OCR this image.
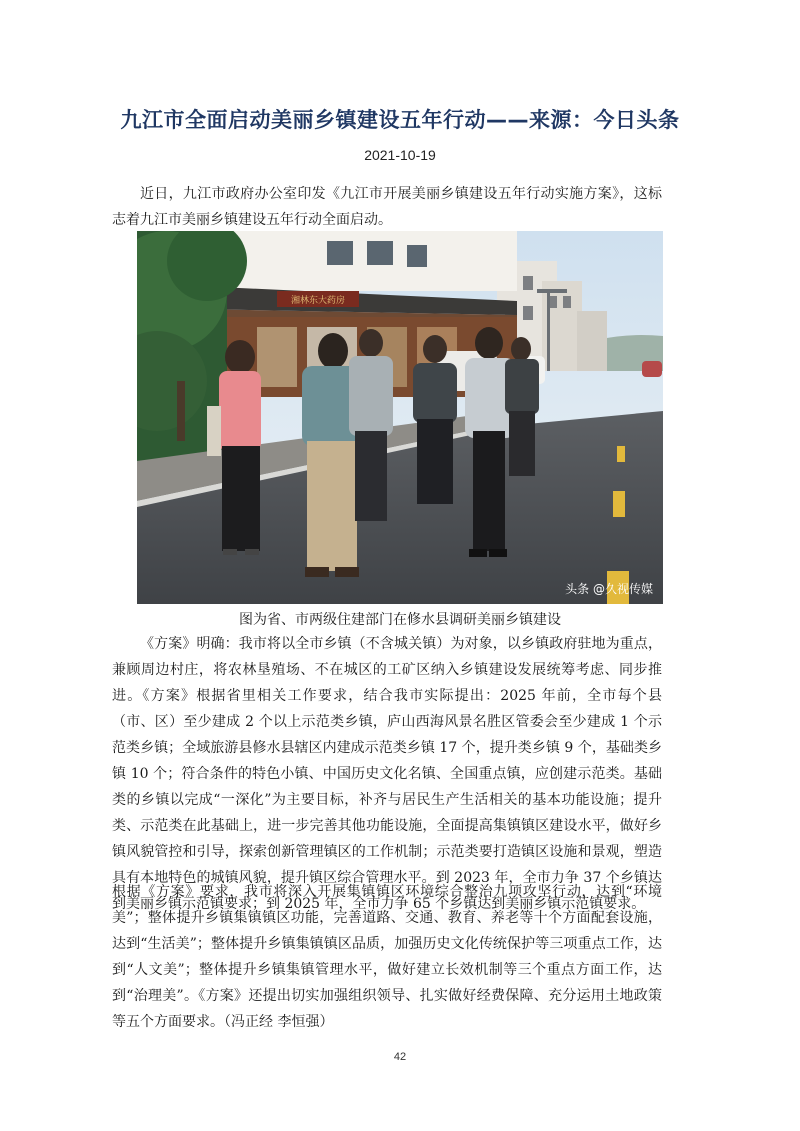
九江市全面启动美丽乡镇建设五年行动——来源：今日头条
2021-10-19

近日，九江市政府办公室印发《九江市开展美丽乡镇建设五年行动实施方案》，这标志着九江市美丽乡镇建设五年行动全面启动。

湘林东大药房
头条 @久视传媒
图为省、市两级住建部门在修水县调研美丽乡镇建设

《方案》明确：我市将以全市乡镇（不含城关镇）为对象，以乡镇政府驻地为重点，兼顾周边村庄，将农林垦殖场、不在城区的工矿区纳入乡镇建设发展统筹考虑、同步推进。《方案》根据省里相关工作要求，结合我市实际提出：2025 年前，全市每个县（市、区）至少建成 2 个以上示范类乡镇，庐山西海风景名胜区管委会至少建成 1 个示范类乡镇；全域旅游县修水县辖区内建成示范类乡镇 17 个，提升类乡镇 9 个，基础类乡镇 10 个；符合条件的特色小镇、中国历史文化名镇、全国重点镇，应创建示范类。基础类的乡镇以完成“一深化”为主要目标，补齐与居民生产生活相关的基本功能设施；提升类、示范类在此基础上，进一步完善其他功能设施，全面提高集镇镇区建设水平，做好乡镇风貌管控和引导，探索创新管理镇区的工作机制；示范类要打造镇区设施和景观，塑造具有本地特色的城镇风貌，提升镇区综合管理水平。到 2023 年，全市力争 37 个乡镇达到美丽乡镇示范镇要求；到 2025 年，全市力争 65 个乡镇达到美丽乡镇示范镇要求。

根据《方案》要求，我市将深入开展集镇镇区环境综合整治九项攻坚行动，达到“环境美”；整体提升乡镇集镇镇区功能，完善道路、交通、教育、养老等十个方面配套设施，达到“生活美”；整体提升乡镇集镇镇区品质，加强历史文化传统保护等三项重点工作，达到“人文美”；整体提升乡镇集镇管理水平，做好建立长效机制等三个重点方面工作，达到“治理美”。《方案》还提出切实加强组织领导、扎实做好经费保障、充分运用土地政策等五个方面要求。（冯正经 李恒强）

42
